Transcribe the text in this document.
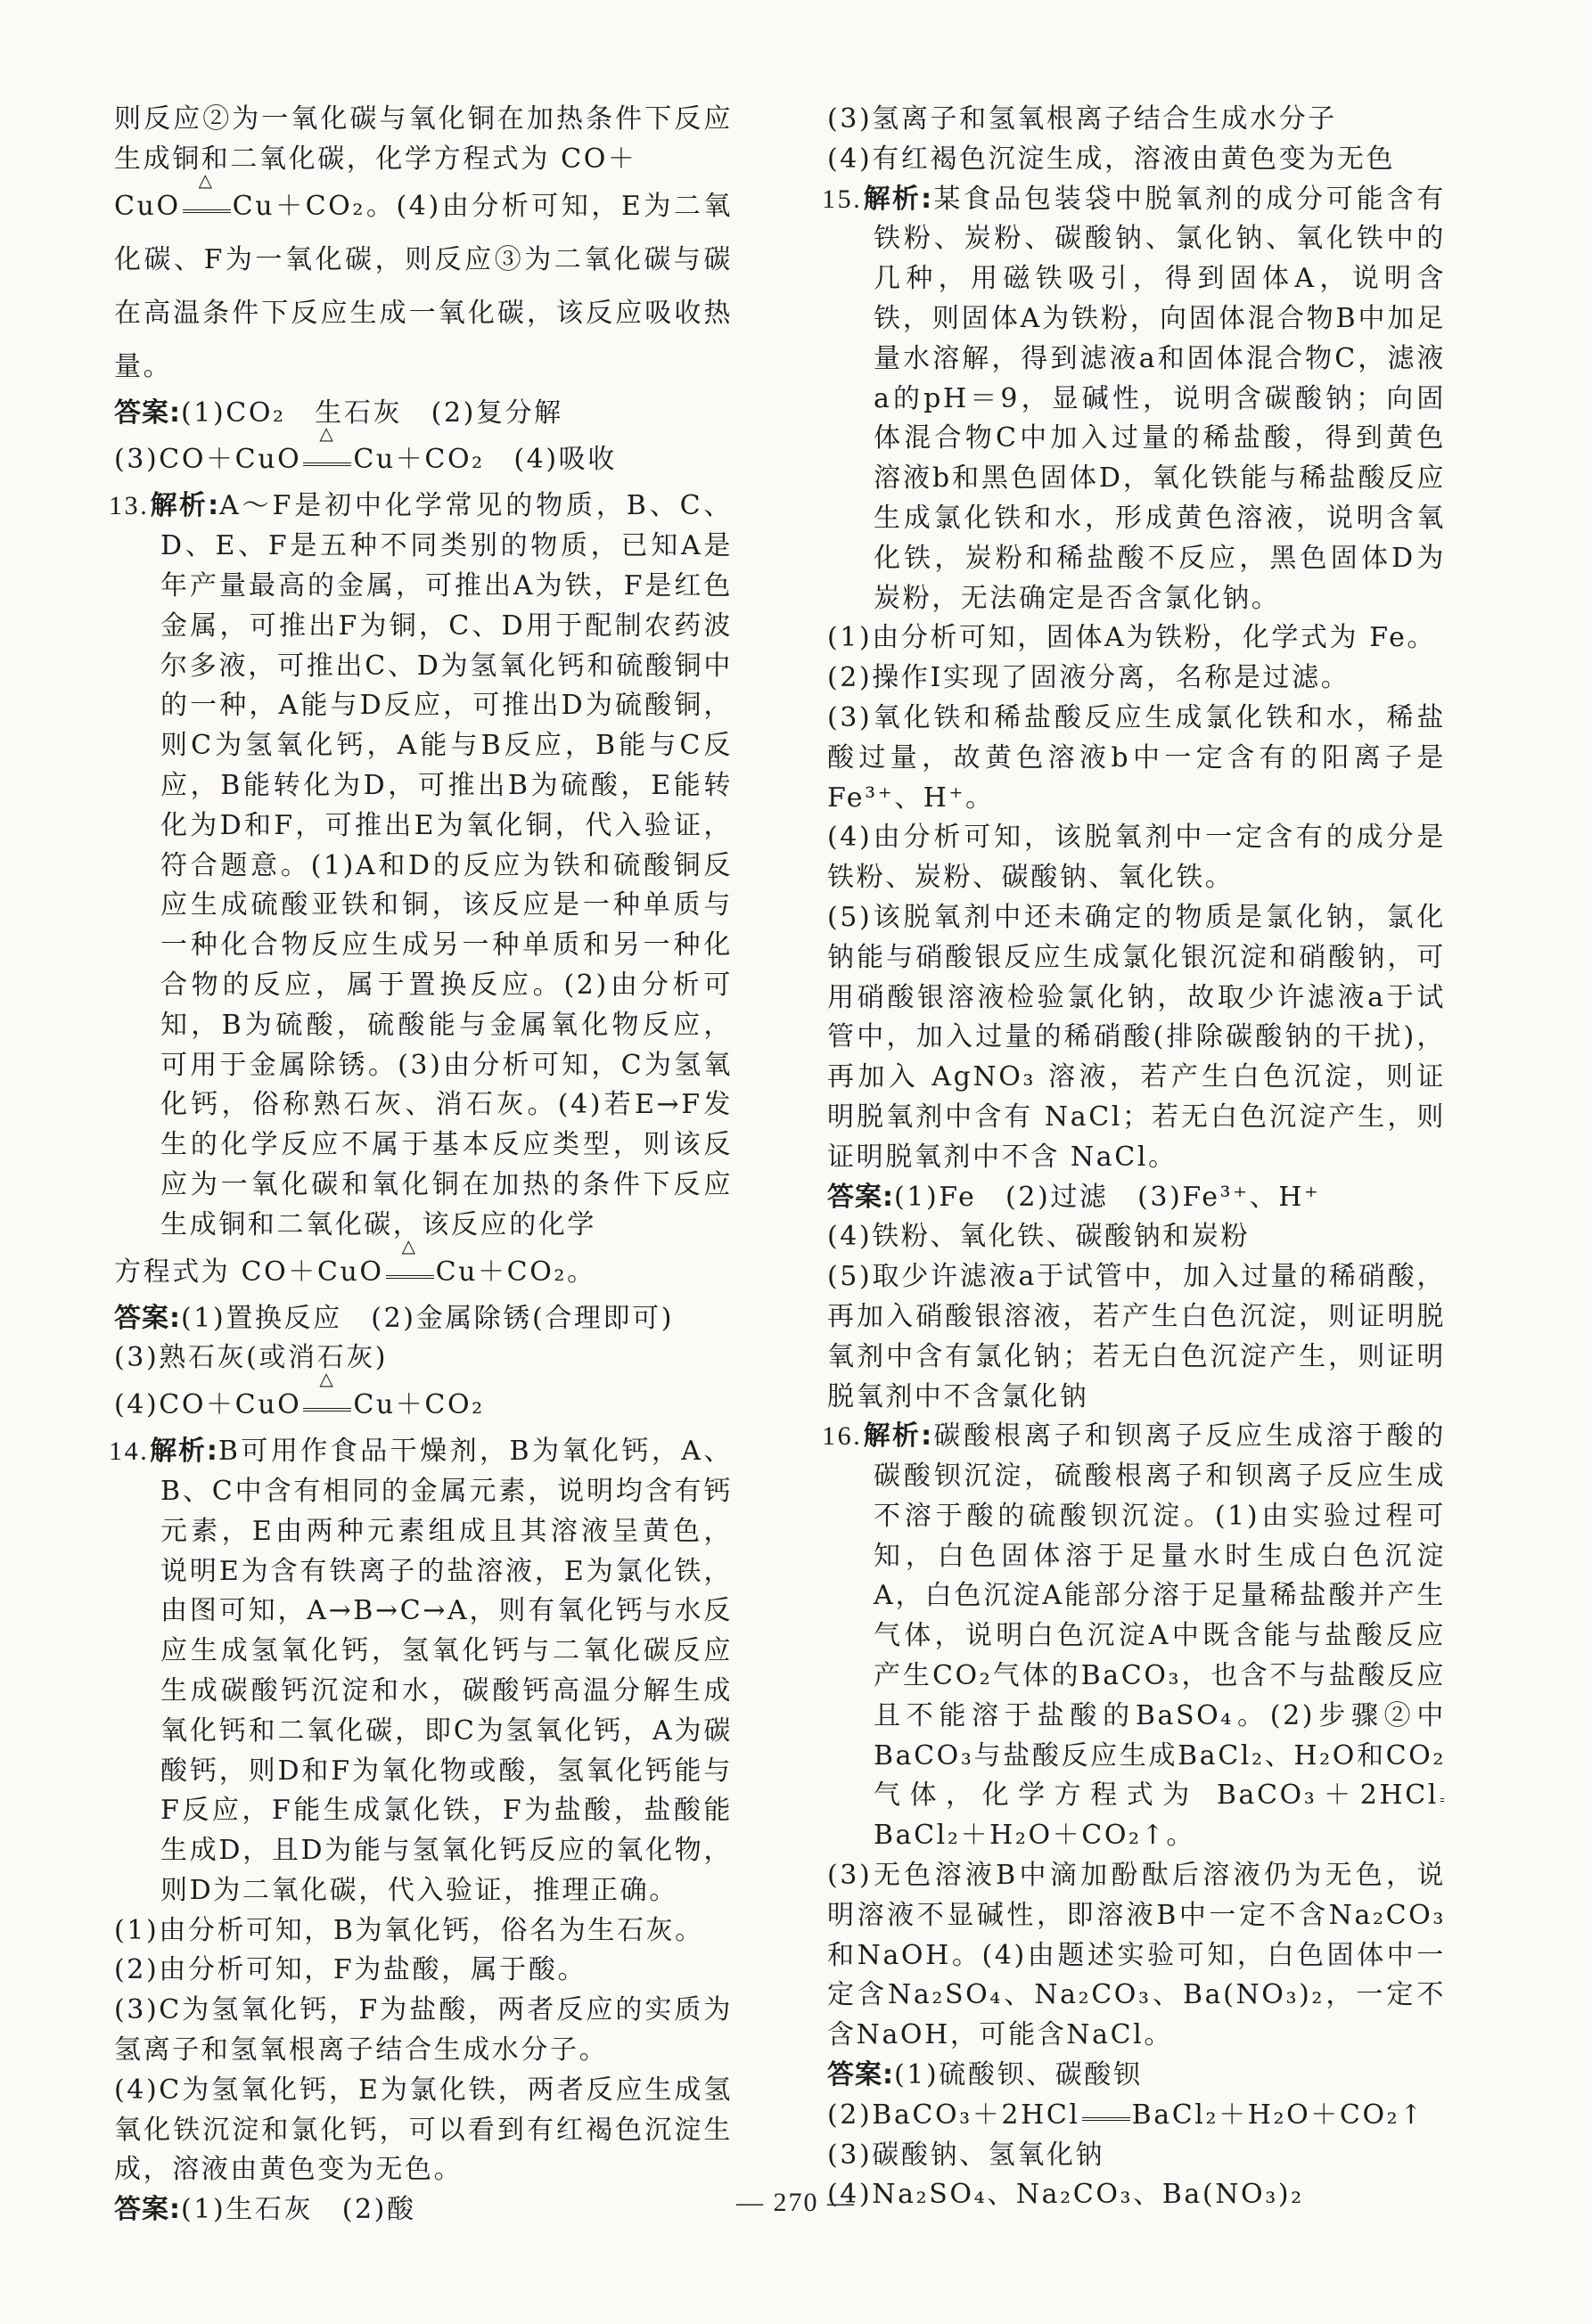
则反应②为一氧化碳与氧化铜在加热条件下反应生成铜和二氧化碳，化学方程式为 CO＋

CuO △ Cu＋CO₂。(4)由分析可知，E为二氧化碳、F为一氧化碳，则反应③为二氧化碳与碳在高温条件下反应生成一氧化碳，该反应吸收热量。

答案:(1)CO₂　生石灰　(2)复分解

(3)CO＋CuO △ Cu＋CO₂　(4)吸收

13.解析:A～F是初中化学常见的物质，B、C、D、E、F是五种不同类别的物质，已知A是年产量最高的金属，可推出A为铁，F是红色金属，可推出F为铜，C、D用于配制农药波尔多液，可推出C、D为氢氧化钙和硫酸铜中的一种，A能与D反应，可推出D为硫酸铜，则C为氢氧化钙，A能与B反应，B能与C反应，B能转化为D，可推出B为硫酸，E能转化为D和F，可推出E为氧化铜，代入验证，符合题意。(1)A和D的反应为铁和硫酸铜反应生成硫酸亚铁和铜，该反应是一种单质与一种化合物反应生成另一种单质和另一种化合物的反应，属于置换反应。(2)由分析可知，B为硫酸，硫酸能与金属氧化物反应，可用于金属除锈。(3)由分析可知，C为氢氧化钙，俗称熟石灰、消石灰。(4)若E→F发生的化学反应不属于基本反应类型，则该反应为一氧化碳和氧化铜在加热的条件下反应生成铜和二氧化碳，该反应的化学

方程式为 CO＋CuO △ Cu＋CO₂。

答案:(1)置换反应　(2)金属除锈(合理即可)

(3)熟石灰(或消石灰)

(4)CO＋CuO △ Cu＋CO₂

14.解析:B可用作食品干燥剂，B为氧化钙，A、B、C中含有相同的金属元素，说明均含有钙元素，E由两种元素组成且其溶液呈黄色，说明E为含有铁离子的盐溶液，E为氯化铁，由图可知，A→B→C→A，则有氧化钙与水反应生成氢氧化钙，氢氧化钙与二氧化碳反应生成碳酸钙沉淀和水，碳酸钙高温分解生成氧化钙和二氧化碳，即C为氢氧化钙，A为碳酸钙，则D和F为氧化物或酸，氢氧化钙能与F反应，F能生成氯化铁，F为盐酸，盐酸能生成D，且D为能与氢氧化钙反应的氧化物，则D为二氧化碳，代入验证，推理正确。

(1)由分析可知，B为氧化钙，俗名为生石灰。

(2)由分析可知，F为盐酸，属于酸。

(3)C为氢氧化钙，F为盐酸，两者反应的实质为氢离子和氢氧根离子结合生成水分子。

(4)C为氢氧化钙，E为氯化铁，两者反应生成氢氧化铁沉淀和氯化钙，可以看到有红褐色沉淀生成，溶液由黄色变为无色。

答案:(1)生石灰　(2)酸

(3)氢离子和氢氧根离子结合生成水分子

(4)有红褐色沉淀生成，溶液由黄色变为无色

15.解析:某食品包装袋中脱氧剂的成分可能含有铁粉、炭粉、碳酸钠、氯化钠、氧化铁中的几种，用磁铁吸引，得到固体A，说明含铁，则固体A为铁粉，向固体混合物B中加足量水溶解，得到滤液a和固体混合物C，滤液a的pH＝9，显碱性，说明含碳酸钠；向固体混合物C中加入过量的稀盐酸，得到黄色溶液b和黑色固体D，氧化铁能与稀盐酸反应生成氯化铁和水，形成黄色溶液，说明含氧化铁，炭粉和稀盐酸不反应，黑色固体D为炭粉，无法确定是否含氯化钠。

(1)由分析可知，固体A为铁粉，化学式为 Fe。

(2)操作Ⅰ实现了固液分离，名称是过滤。

(3)氧化铁和稀盐酸反应生成氯化铁和水，稀盐酸过量，故黄色溶液b中一定含有的阳离子是 Fe³⁺、H⁺。

(4)由分析可知，该脱氧剂中一定含有的成分是铁粉、炭粉、碳酸钠、氧化铁。

(5)该脱氧剂中还未确定的物质是氯化钠，氯化钠能与硝酸银反应生成氯化银沉淀和硝酸钠，可用硝酸银溶液检验氯化钠，故取少许滤液a于试管中，加入过量的稀硝酸(排除碳酸钠的干扰)，再加入 AgNO₃ 溶液，若产生白色沉淀，则证明脱氧剂中含有 NaCl；若无白色沉淀产生，则证明脱氧剂中不含 NaCl。

答案:(1)Fe　(2)过滤　(3)Fe³⁺、H⁺

(4)铁粉、氧化铁、碳酸钠和炭粉

(5)取少许滤液a于试管中，加入过量的稀硝酸，再加入硝酸银溶液，若产生白色沉淀，则证明脱氧剂中含有氯化钠；若无白色沉淀产生，则证明脱氧剂中不含氯化钠

16.解析:碳酸根离子和钡离子反应生成溶于酸的碳酸钡沉淀，硫酸根离子和钡离子反应生成不溶于酸的硫酸钡沉淀。(1)由实验过程可知，白色固体溶于足量水时生成白色沉淀A，白色沉淀A能部分溶于足量稀盐酸并产生气体，说明白色沉淀A中既含能与盐酸反应产生CO₂气体的BaCO₃，也含不与盐酸反应且不能溶于盐酸的BaSO₄。(2)步骤②中BaCO₃与盐酸反应生成BaCl₂、H₂O和CO₂气体，化学方程式为 BaCO₃＋2HClBaCl₂＋H₂O＋CO₂↑。

(3)无色溶液B中滴加酚酞后溶液仍为无色，说明溶液不显碱性，即溶液B中一定不含Na₂CO₃和NaOH。(4)由题述实验可知，白色固体中一定含Na₂SO₄、Na₂CO₃、Ba(NO₃)₂，一定不含NaOH，可能含NaCl。

答案:(1)硫酸钡、碳酸钡

(2)BaCO₃＋2HCl BaCl₂＋H₂O＋CO₂↑

(3)碳酸钠、氢氧化钠

(4)Na₂SO₄、Na₂CO₃、Ba(NO₃)₂

— 270 —
